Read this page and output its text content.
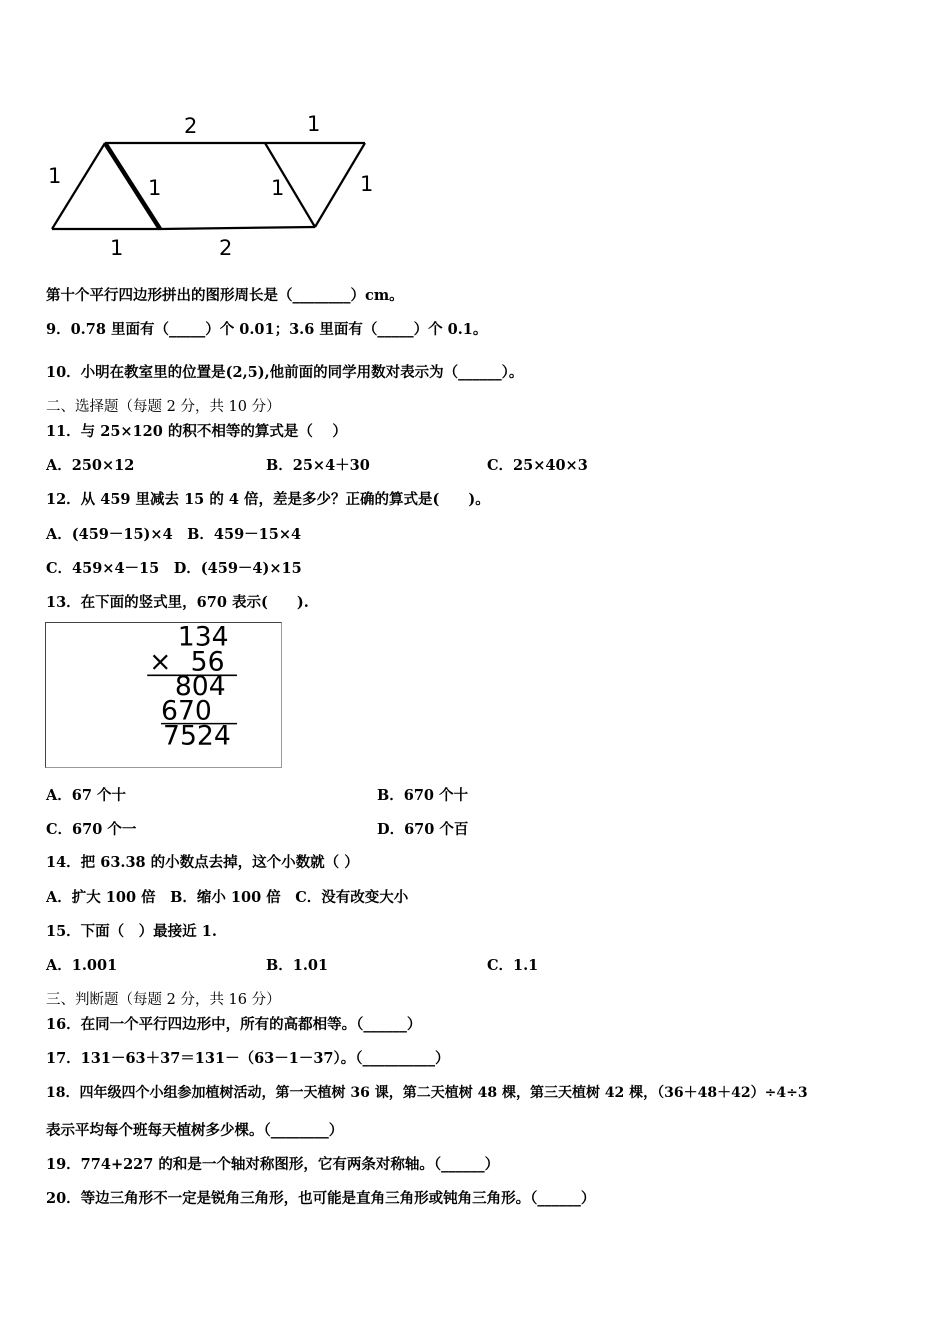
2	1
1	1	1	1
1	2
第十个平行四边形拼出的图形周长是（________）cm。
9．0.78 里面有（_____）个 0.01；3.6 里面有（_____）个 0.1。
10．小明在教室里的位置是(2,5),他前面的同学用数对表示为（______）。
二、选择题（每题 2 分，共 10 分）
11．与 25×120 的积不相等的算式是（　 ）
A．250×12	B．25×4＋30	C．25×40×3
12．从 459 里减去 15 的 4 倍，差是多少？正确的算式是(　　)。
A．(459－15)×4　B．459－15×4
C．459×4－15　D．(459－4)×15
13．在下面的竖式里，670 表示(　　).
134
× 56
804
670
7524
A．67 个十	B．670 个十
C．670 个一	D．670 个百
14．把 63.38 的小数点去掉，这个小数就（ ）
A．扩大 100 倍　B．缩小 100 倍　C．没有改变大小
15．下面（　）最接近 1.
A．1.001	B．1.01	C．1.1
三、判断题（每题 2 分，共 16 分）
16．在同一个平行四边形中，所有的高都相等。（______）
17．131－63＋37＝131－（63－1－37）。（__________）
18．四年级四个小组参加植树活动，第一天植树 36 课，第二天植树 48 棵，第三天植树 42 棵，（36＋48＋42）÷4÷3
表示平均每个班每天植树多少棵。（________）
19．774+227 的和是一个轴对称图形，它有两条对称轴。（______）
20．等边三角形不一定是锐角三角形，也可能是直角三角形或钝角三角形。（______）
